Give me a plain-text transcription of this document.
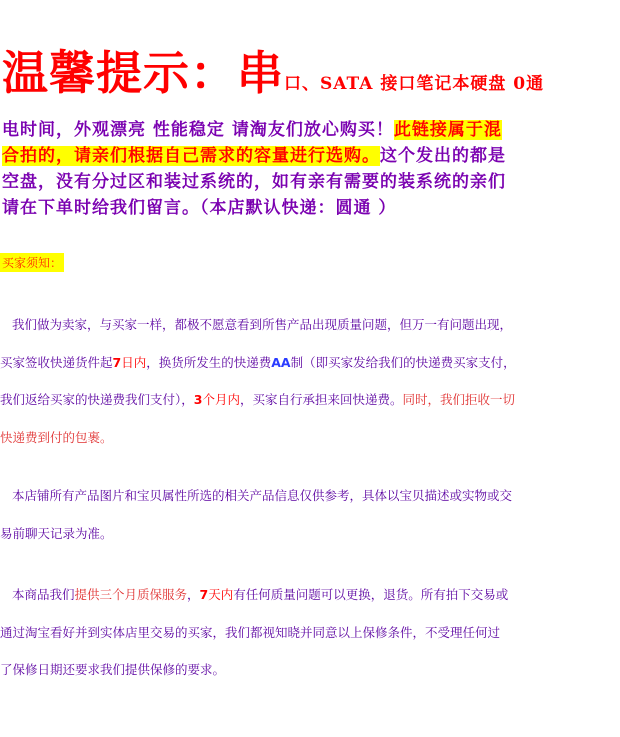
温馨提示：串口、SATA 接口笔记本硬盘 0通
电时间，外观漂亮 性能稳定 请淘友们放心购买！此链接属于混
合拍的，请亲们根据自己需求的容量进行选购。这个发出的都是
空盘，没有分过区和装过系统的，如有亲有需要的装系统的亲们
请在下单时给我们留言。（本店默认快递：圆通 ）
买家须知：
我们做为卖家，与买家一样，都极不愿意看到所售产品出现质量问题，但万一有问题出现，
买家签收快递货件起7日内，换货所发生的快递费AA制（即买家发给我们的快递费买家支付，
我们返给买家的快递费我们支付），3个月内，买家自行承担来回快递费。同时，我们拒收一切
快递费到付的包裹。
本店铺所有产品图片和宝贝属性所选的相关产品信息仅供参考，具体以宝贝描述或实物或交
易前聊天记录为准。
本商品我们提供三个月质保服务，7天内有任何质量问题可以更换，退货。所有拍下交易或
通过淘宝看好并到实体店里交易的买家，我们都视知晓并同意以上保修条件，不受理任何过
了保修日期还要求我们提供保修的要求。
